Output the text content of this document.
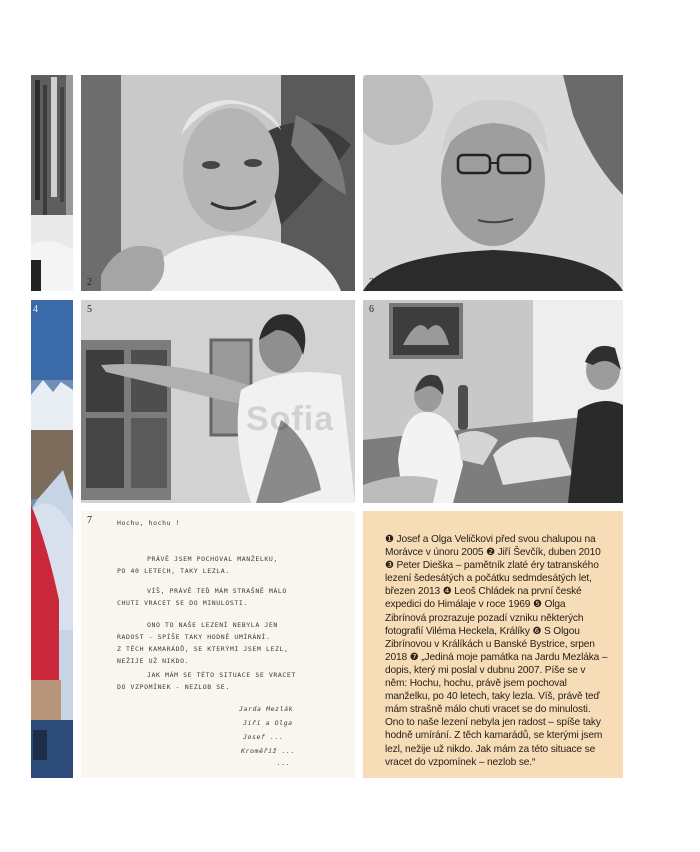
1	2	3
4	5	6
Sofia
7	Hochu, hochu !
PRÁVĚ JSEM POCHOVAL MANŽELKU,
PO 40 LETECH, TAKY LEZLA.
VÍŠ, PRÁVĚ TEĎ MÁM STRAŠNĚ MÁLO
CHUTI VRACET SE DO MINULOSTI.
ONO TO NAŠE LEZENÍ NEBYLA JEN
RADOST - SPÍŠE TAKY HODNĚ UMÍRÁNÍ.
Z TĚCH KAMARÁDŮ, SE KTERÝMI JSEM LEZL,
NEŽIJE UŽ NIKDO.
JAK MÁM SE TÉTO SITUACE SE VRACET
DO VZPOMÍNEK - NEZLOB SE.
Jarda Mezlák
Jiří a Olga
Josef ...
Kroměříž ...
...
❶ Josef a Olga Veličkovi před svou chalupou na Morávce v únoru 2005 ❷ Jiří Ševčík, duben 2010 ❸ Peter Dieška – pamětník zlaté éry tatranského lezení šedesátých a počátku sedmdesátých let, březen 2013 ❹ Leoš Chládek na první české expedici do Himálaje v roce 1969 ❺ Olga Zibrínová prozrazuje pozadí vzniku některých fotografií Viléma Heckela, Králíky ❻ S Olgou Zibrínovou v Králíkách u Banské Bystrice, srpen 2018 ❼ „Jediná moje památka na Jardu Mezláka – dopis, který mi poslal v dubnu 2007. Píše se v něm: Hochu, hochu, právě jsem pochoval manželku, po 40 letech, taky lezla. Víš, právě teď mám strašně málo chuti vracet se do minulosti. Ono to naše lezení nebyla jen radost – spíše taky hodně umírání. Z těch kamarádů, se kterými jsem lezl, nežije už nikdo. Jak mám za této situace se vracet do vzpomínek – nezlob se.“
